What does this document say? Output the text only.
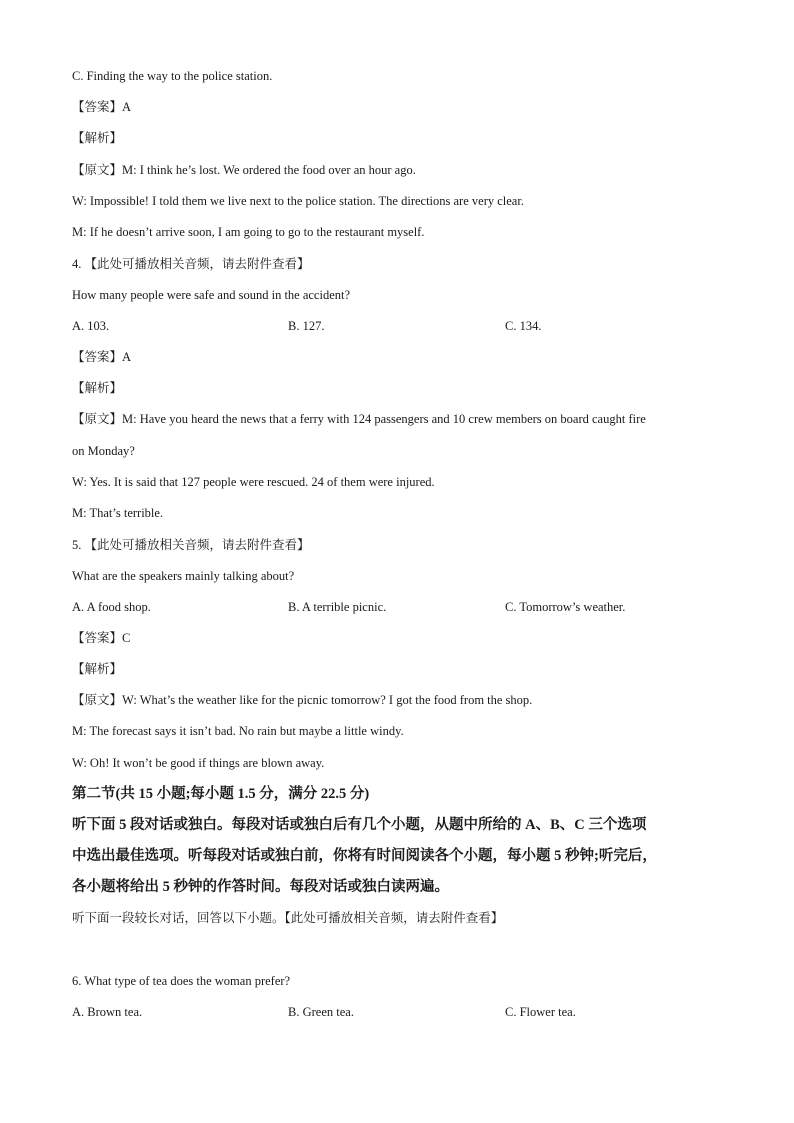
C. Finding the way to the police station.
【答案】A
【解析】
【原文】M: I think he’s lost. We ordered the food over an hour ago.
W: Impossible! I told them we live next to the police station. The directions are very clear.
M: If he doesn’t arrive soon, I am going to go to the restaurant myself.
4. 【此处可播放相关音频，请去附件查看】
How many people were safe and sound in the accident?
A. 103.	B. 127.	C. 134.
【答案】A
【解析】
【原文】M: Have you heard the news that a ferry with 124 passengers and 10 crew members on board caught fire
on Monday?
W: Yes. It is said that 127 people were rescued. 24 of them were injured.
M: That’s terrible.
5. 【此处可播放相关音频，请去附件查看】
What are the speakers mainly talking about?
A. A food shop.	B. A terrible picnic.	C. Tomorrow’s weather.
【答案】C
【解析】
【原文】W: What’s the weather like for the picnic tomorrow? I got the food from the shop.
M: The forecast says it isn’t bad. No rain but maybe a little windy.
W: Oh! It won’t be good if things are blown away.
第二节(共 15 小题;每小题 1.5 分，满分 22.5 分)
听下面 5 段对话或独白。每段对话或独白后有几个小题，从题中所给的 A、B、C 三个选项
中选出最佳选项。听每段对话或独白前，你将有时间阅读各个小题，每小题 5 秒钟;听完后，
各小题将给出 5 秒钟的作答时间。每段对话或独白读两遍。
听下面一段较长对话，回答以下小题。【此处可播放相关音频，请去附件查看】
6. What type of tea does the woman prefer?
A. Brown tea.	B. Green tea.	C. Flower tea.
